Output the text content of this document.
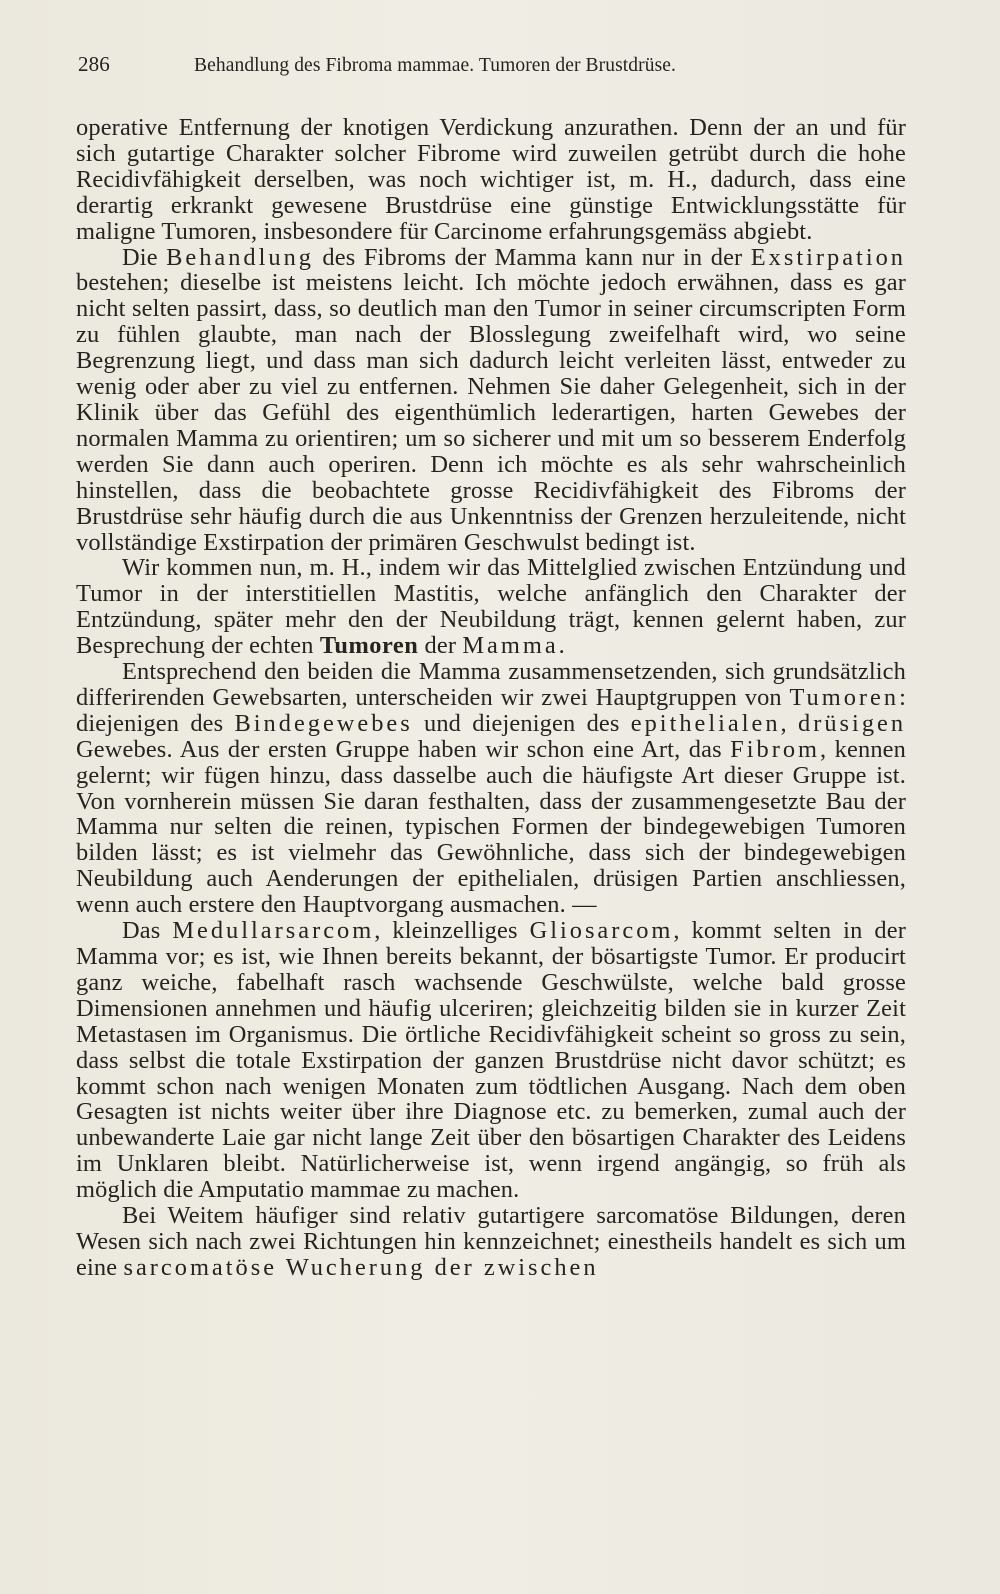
286	Behandlung des Fibroma mammae. Tumoren der Brustdrüse.

operative Entfernung der knotigen Verdickung anzurathen. Denn der an und für sich gutartige Charakter solcher Fibrome wird zuweilen getrübt durch die hohe Recidivfähigkeit derselben, was noch wichtiger ist, m. H., dadurch, dass eine derartig erkrankt gewesene Brustdrüse eine günstige Entwicklungsstätte für maligne Tumoren, insbesondere für Carcinome erfahrungsgemäss abgiebt.

Die Behandlung des Fibroms der Mamma kann nur in der Exstirpation bestehen; dieselbe ist meistens leicht. Ich möchte jedoch erwähnen, dass es gar nicht selten passirt, dass, so deutlich man den Tumor in seiner circumscripten Form zu fühlen glaubte, man nach der Blosslegung zweifelhaft wird, wo seine Begrenzung liegt, und dass man sich dadurch leicht verleiten lässt, entweder zu wenig oder aber zu viel zu entfernen. Nehmen Sie daher Gelegenheit, sich in der Klinik über das Gefühl des eigenthümlich lederartigen, harten Gewebes der normalen Mamma zu orientiren; um so sicherer und mit um so besserem Enderfolg werden Sie dann auch operiren. Denn ich möchte es als sehr wahrscheinlich hinstellen, dass die beobachtete grosse Recidivfähigkeit des Fibroms der Brustdrüse sehr häufig durch die aus Unkenntniss der Grenzen herzuleitende, nicht vollständige Exstirpation der primären Geschwulst bedingt ist.

Wir kommen nun, m. H., indem wir das Mittelglied zwischen Entzündung und Tumor in der interstitiellen Mastitis, welche anfänglich den Charakter der Entzündung, später mehr den der Neubildung trägt, kennen gelernt haben, zur Besprechung der echten Tumoren der Mamma.

Entsprechend den beiden die Mamma zusammensetzenden, sich grundsätzlich differirenden Gewebsarten, unterscheiden wir zwei Hauptgruppen von Tumoren: diejenigen des Bindegewebes und diejenigen des epithelialen, drüsigen Gewebes. Aus der ersten Gruppe haben wir schon eine Art, das Fibrom, kennen gelernt; wir fügen hinzu, dass dasselbe auch die häufigste Art dieser Gruppe ist. Von vornherein müssen Sie daran festhalten, dass der zusammengesetzte Bau der Mamma nur selten die reinen, typischen Formen der bindegewebigen Tumoren bilden lässt; es ist vielmehr das Gewöhnliche, dass sich der bindegewebigen Neubildung auch Aenderungen der epithelialen, drüsigen Partien anschliessen, wenn auch erstere den Hauptvorgang ausmachen. —

Das Medullarsarcom, kleinzelliges Gliosarcom, kommt selten in der Mamma vor; es ist, wie Ihnen bereits bekannt, der bösartigste Tumor. Er producirt ganz weiche, fabelhaft rasch wachsende Geschwülste, welche bald grosse Dimensionen annehmen und häufig ulceriren; gleichzeitig bilden sie in kurzer Zeit Metastasen im Organismus. Die örtliche Recidivfähigkeit scheint so gross zu sein, dass selbst die totale Exstirpation der ganzen Brustdrüse nicht davor schützt; es kommt schon nach wenigen Monaten zum tödtlichen Ausgang. Nach dem oben Gesagten ist nichts weiter über ihre Diagnose etc. zu bemerken, zumal auch der unbewanderte Laie gar nicht lange Zeit über den bösartigen Charakter des Leidens im Unklaren bleibt. Natürlicherweise ist, wenn irgend angängig, so früh als möglich die Amputatio mammae zu machen.

Bei Weitem häufiger sind relativ gutartigere sarcomatöse Bildungen, deren Wesen sich nach zwei Richtungen hin kennzeichnet; einestheils handelt es sich um eine sarcomatöse Wucherung der zwischen
